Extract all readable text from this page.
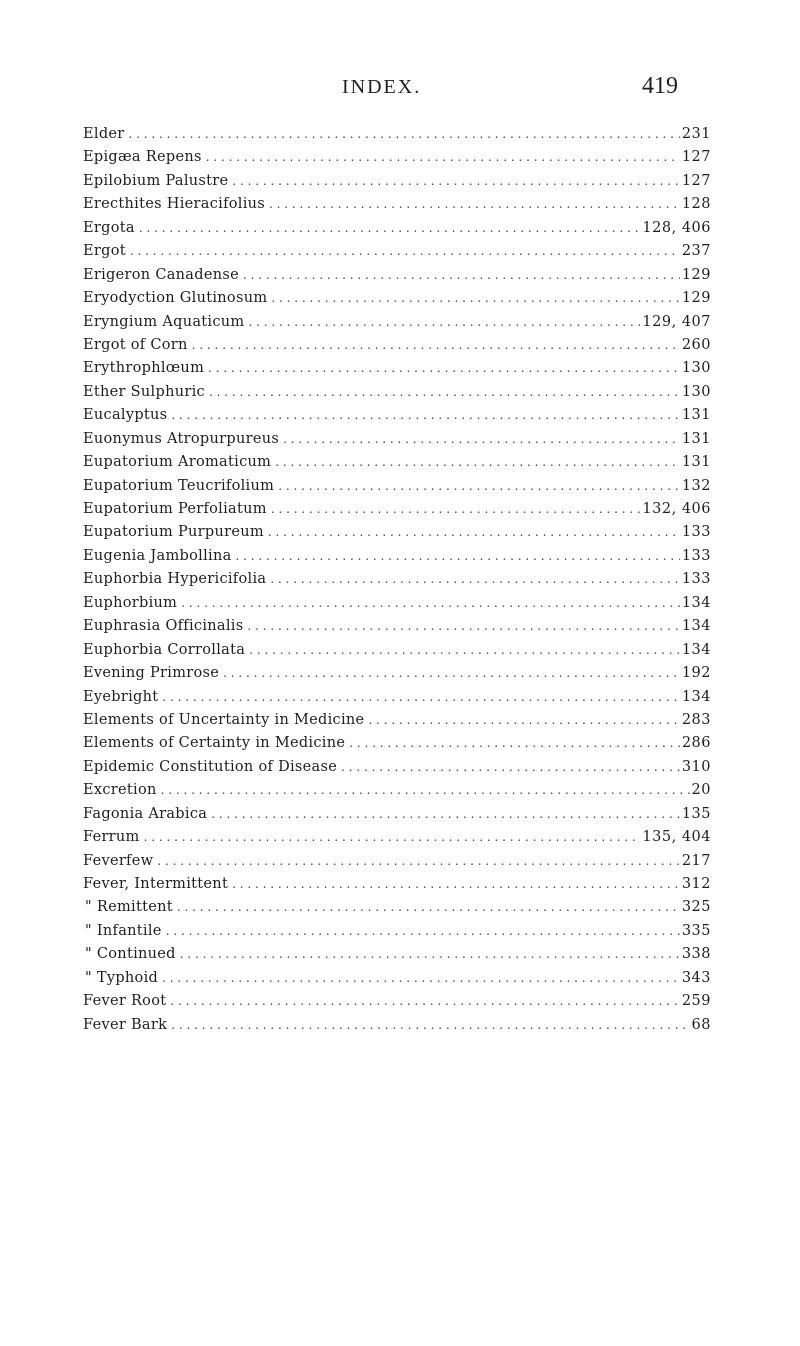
INDEX.	419
Elder . . .	231
Epigæa Repens . . .	127
Epilobium Palustre . . .	127
Erecthites Hieracifolius . . .	128
Ergota . . .	128, 406
Ergot . . .	237
Erigeron Canadense . . .	129
Eryodyction Glutinosum . . .	129
Eryngium Aquaticum . . .	129, 407
Ergot of Corn . . .	260
Erythrophlœum . . .	130
Ether Sulphuric . . .	130
Eucalyptus . . .	131
Euonymus Atropurpureus . . .	131
Eupatorium Aromaticum . . .	131
Eupatorium Teucrifolium . . .	132
Eupatorium Perfoliatum . . .	132, 406
Eupatorium Purpureum . . .	133
Eugenia Jambollina . . .	133
Euphorbia Hypericifolia . . .	133
Euphorbium . . .	134
Euphrasia Officinalis . . .	134
Euphorbia Corrollata . . .	134
Evening Primrose . . .	192
Eyebright . . .	134
Elements of Uncertainty in Medicine . . .	283
Elements of Certainty in Medicine . . .	286
Epidemic Constitution of Disease . . .	310
Excretion . . .	20
Fagonia Arabica . . .	135
Ferrum . . .	135, 404
Feverfew . . .	217
Fever, Intermittent . . .	312
" Remittent . . .	325
" Infantile . . .	335
" Continued . . .	338
" Typhoid . . .	343
Fever Root . . .	259
Fever Bark . . .	68
